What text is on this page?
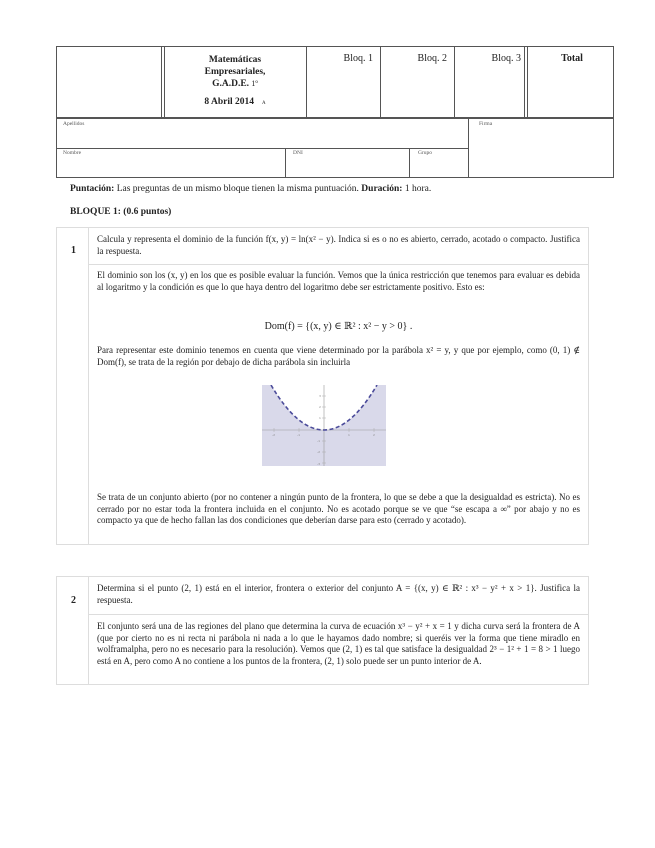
Matemáticas
Empresariales,
G.A.D.E. 1º
8 Abril 2014 A
Bloq. 1	Bloq. 2	Bloq. 3	Total
Apellidos	Firma
Nombre	DNI	Grupo
Puntación: Las preguntas de un mismo bloque tienen la misma puntuación. Duración: 1 hora.
BLOQUE 1: (0.6 puntos)
1
Calcula y representa el dominio de la función f(x, y) = ln(x² − y). Indica si es o no es abierto, cerrado, acotado o compacto. Justifica la respuesta.
El dominio son los (x, y) en los que es posible evaluar la función. Vemos que la única restricción que tenemos para evaluar es debida al logaritmo y la condición es que lo que haya dentro del logaritmo debe ser estrictamente positivo. Esto es:
Dom(f) = {(x, y) ∈ ℝ² : x² − y > 0} .
Para representar este dominio tenemos en cuenta que viene determinado por la parábola x² = y, y que por ejemplo, como (0, 1) ∉ Dom(f), se trata de la región por debajo de dicha parábola sin incluirla
Se trata de un conjunto abierto (por no contener a ningún punto de la frontera, lo que se debe a que la desigualdad es estricta). No es cerrado por no estar toda la frontera incluida en el conjunto. No es acotado porque se ve que “se escapa a ∞” por abajo y no es compacto ya que de hecho fallan las dos condiciones que deberían darse para esto (cerrado y acotado).
-2	-1	1	2
3
2
1
-1
-2
-3
2
Determina si el punto (2, 1) está en el interior, frontera o exterior del conjunto A = {(x, y) ∈ ℝ² : x³ − y² + x > 1}. Justifica la respuesta.
El conjunto será una de las regiones del plano que determina la curva de ecuación x³ − y² + x = 1 y dicha curva será la frontera de A (que por cierto no es ni recta ni parábola ni nada a lo que le hayamos dado nombre; si queréis ver la forma que tiene miradlo en wolframalpha, pero no es necesario para la resolución). Vemos que (2, 1) es tal que satisface la desigualdad 2³ − 1² + 1 = 8 > 1 luego está en A, pero como A no contiene a los puntos de la frontera, (2, 1) solo puede ser un punto interior de A.
